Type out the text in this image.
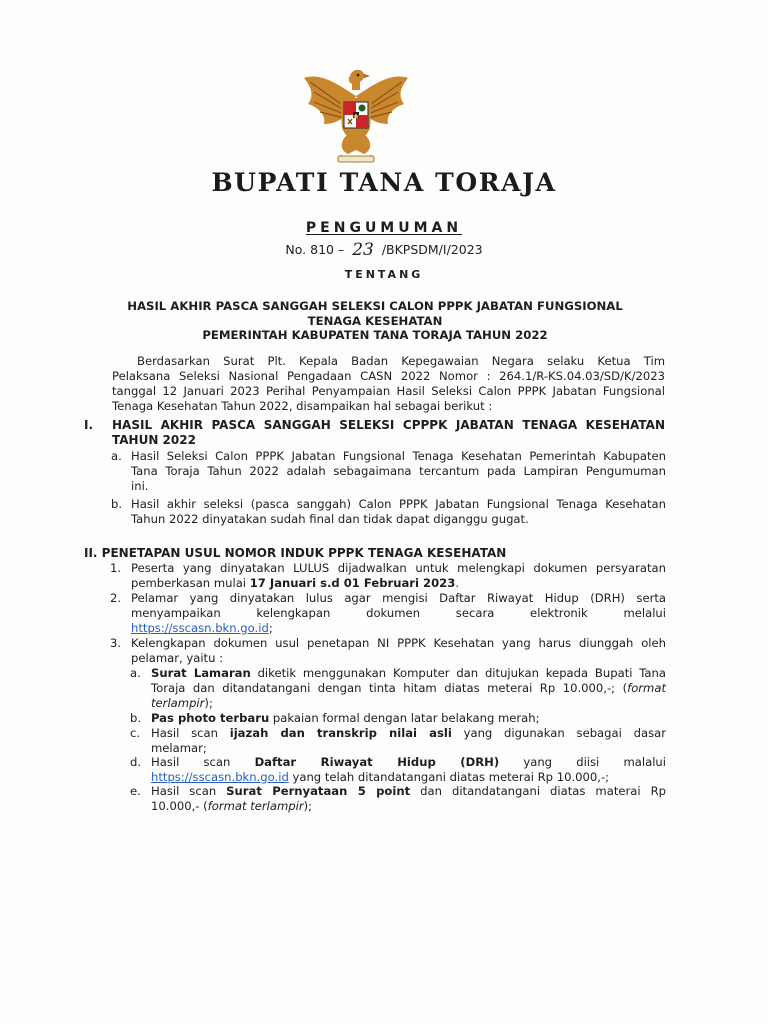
BUPATI TANA TORAJA
PENGUMUMAN
No. 810 – 23 /BKPSDM/I/2023
TENTANG
HASIL AKHIR PASCA SANGGAH SELEKSI CALON PPPK JABATAN FUNGSIONAL
TENAGA KESEHATAN
PEMERINTAH KABUPATEN TANA TORAJA TAHUN 2022
Berdasarkan Surat Plt. Kepala Badan Kepegawaian Negara selaku Ketua Tim
Pelaksana Seleksi Nasional Pengadaan CASN 2022 Nomor : 264.1/R-KS.04.03/SD/K/2023
tanggal 12 Januari 2023 Perihal Penyampaian Hasil Seleksi Calon PPPK Jabatan Fungsional
Tenaga Kesehatan Tahun 2022, disampaikan hal sebagai berikut :
I. HASIL AKHIR PASCA SANGGAH SELEKSI CPPPK JABATAN TENAGA KESEHATAN
TAHUN 2022
a. Hasil Seleksi Calon PPPK Jabatan Fungsional Tenaga Kesehatan Pemerintah Kabupaten
Tana Toraja Tahun 2022 adalah sebagaimana tercantum pada Lampiran Pengumuman
ini.
b. Hasil akhir seleksi (pasca sanggah) Calon PPPK Jabatan Fungsional Tenaga Kesehatan
Tahun 2022 dinyatakan sudah final dan tidak dapat diganggu gugat.
II. PENETAPAN USUL NOMOR INDUK PPPK TENAGA KESEHATAN
1. Peserta yang dinyatakan LULUS dijadwalkan untuk melengkapi dokumen persyaratan
pemberkasan mulai 17 Januari s.d 01 Februari 2023.
2. Pelamar yang dinyatakan lulus agar mengisi Daftar Riwayat Hidup (DRH) serta
menyampaikan kelengkapan dokumen secara elektronik melalui
https://sscasn.bkn.go.id;
3. Kelengkapan dokumen usul penetapan NI PPPK Kesehatan yang harus diunggah oleh
pelamar, yaitu :
a. Surat Lamaran diketik menggunakan Komputer dan ditujukan kepada Bupati Tana
Toraja dan ditandatangani dengan tinta hitam diatas meterai Rp 10.000,-; (format
terlampir);
b. Pas photo terbaru pakaian formal dengan latar belakang merah;
c. Hasil scan ijazah dan transkrip nilai asli yang digunakan sebagai dasar
melamar;
d. Hasil scan Daftar Riwayat Hidup (DRH) yang diisi malalui
https://sscasn.bkn.go.id yang telah ditandatangani diatas meterai Rp 10.000,-;
e. Hasil scan Surat Pernyataan 5 point dan ditandatangani diatas materai Rp
10.000,- (format terlampir);
